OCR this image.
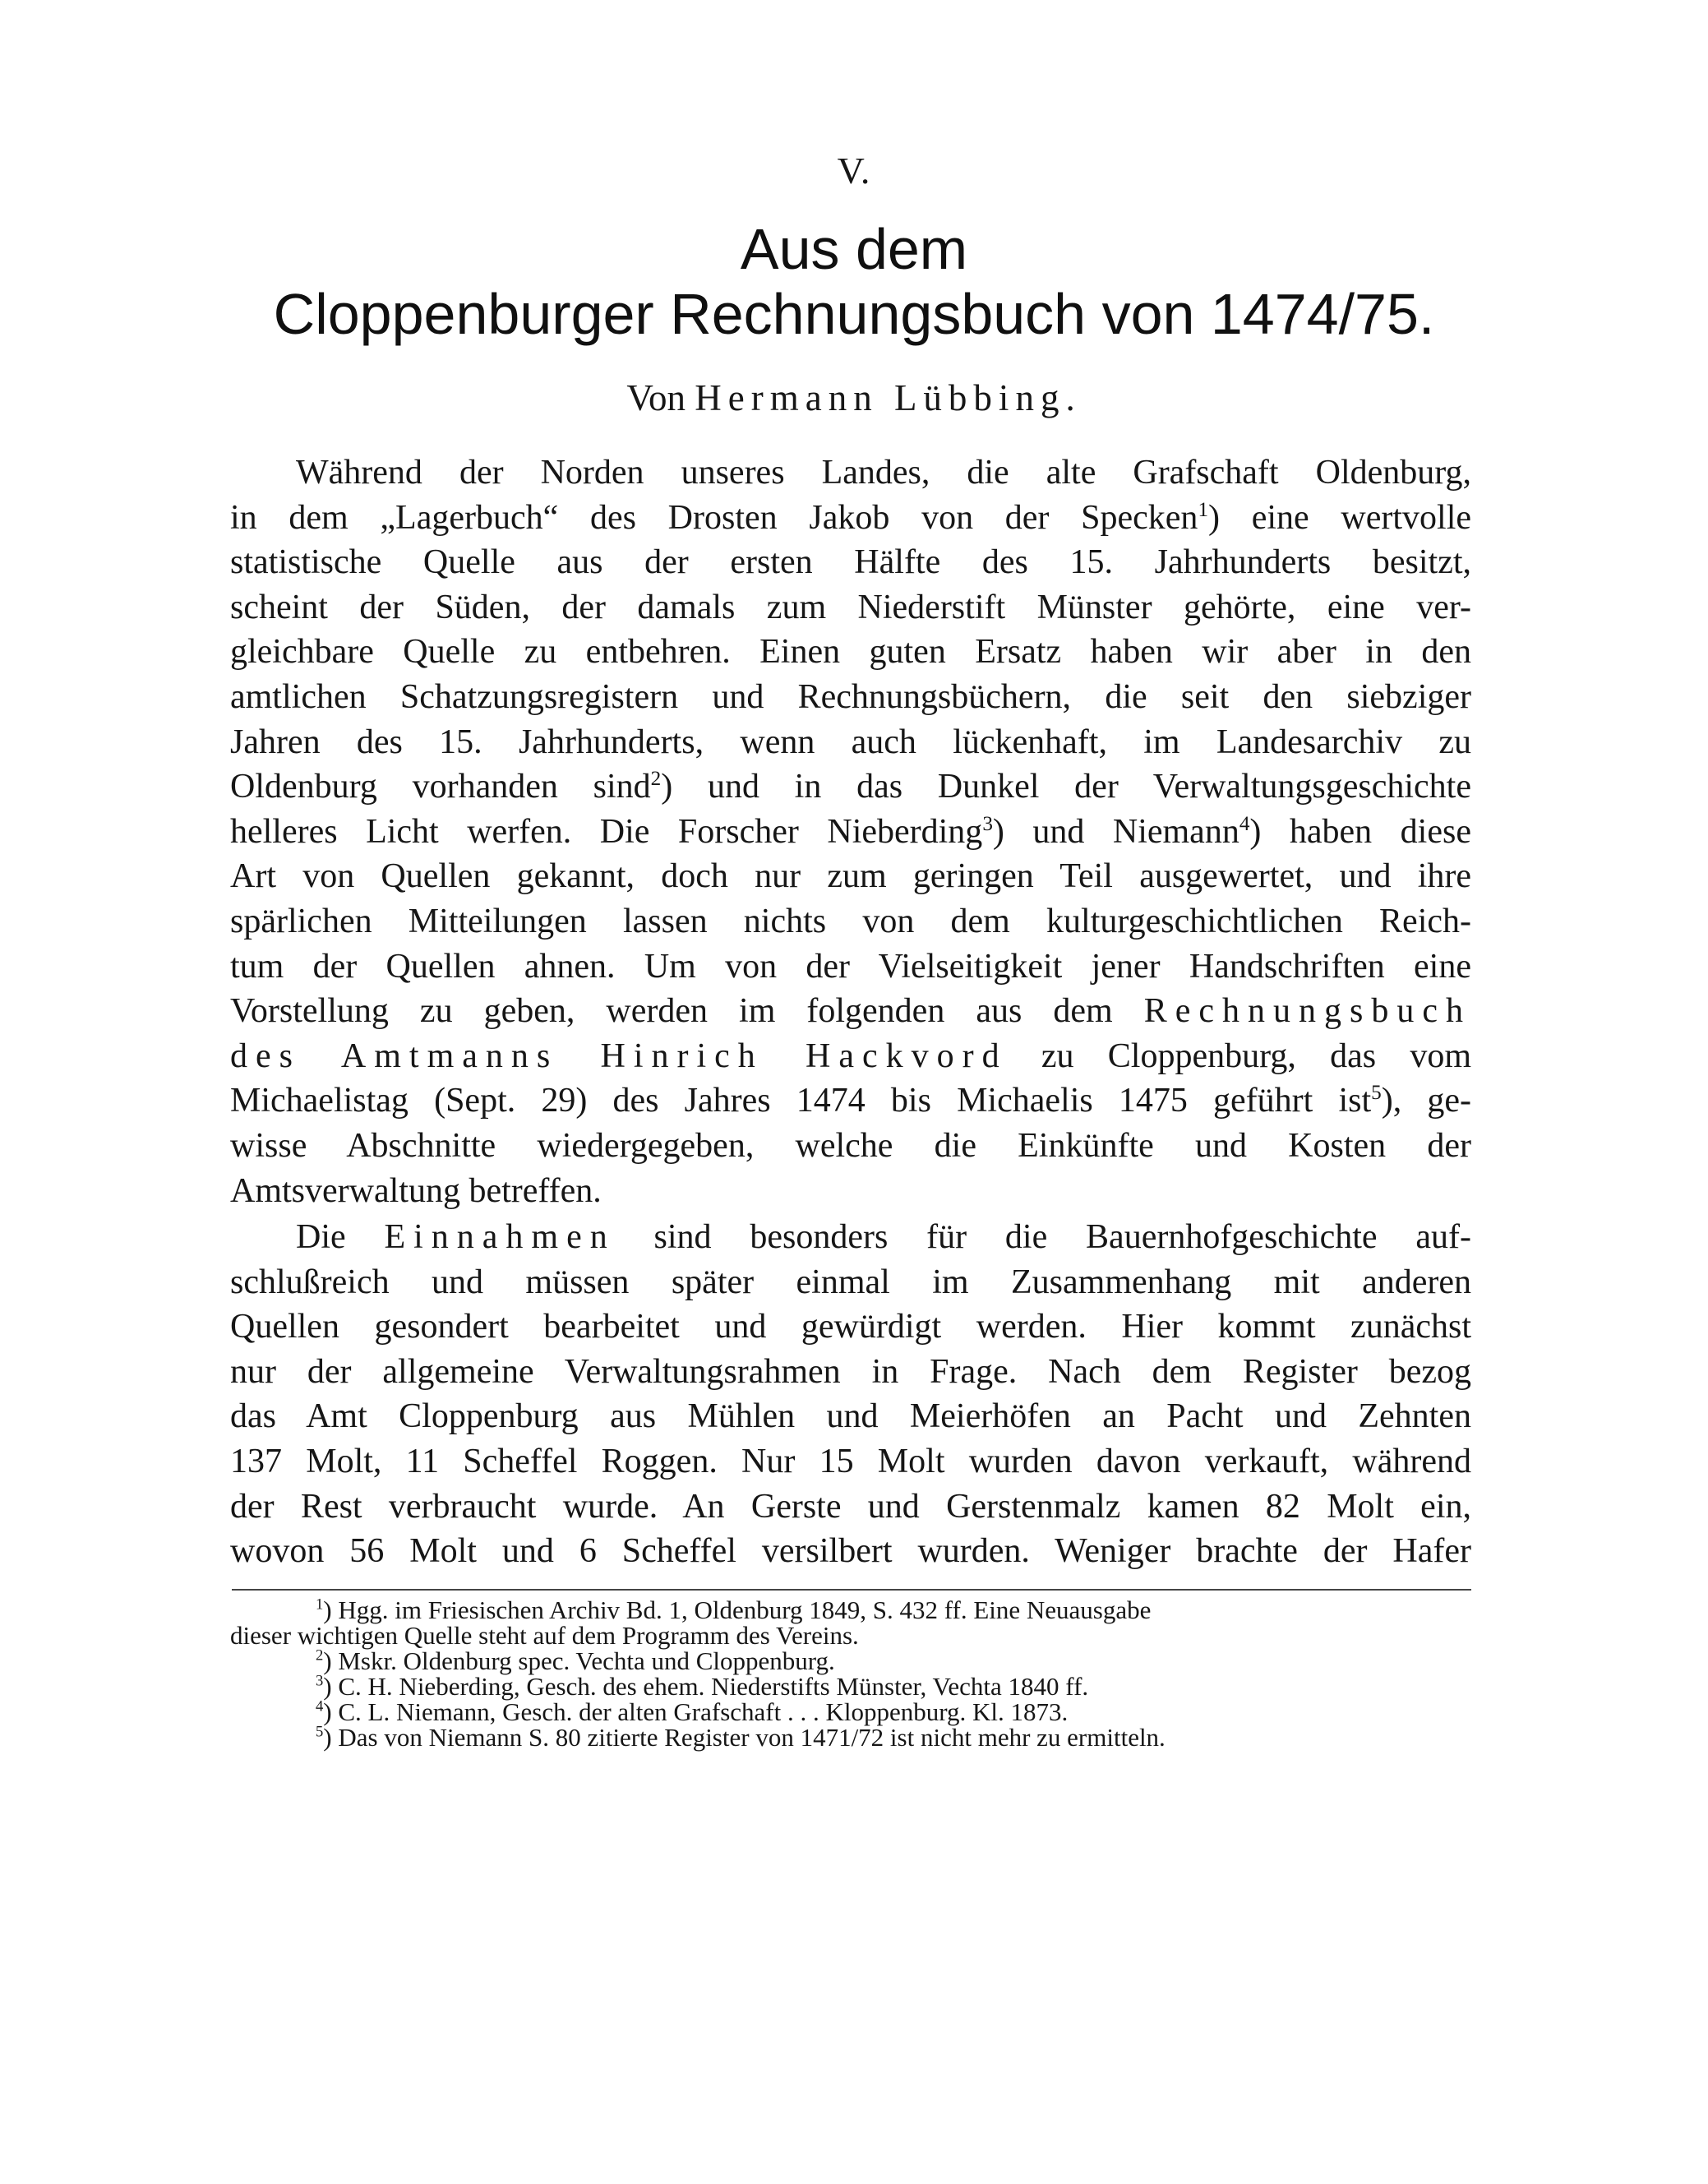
V.
Aus dem
Cloppenburger Rechnungsbuch von 1474/75.
Von Hermann Lübbing.
Während der Norden unseres Landes, die alte Grafschaft Oldenburg,
in dem „Lagerbuch“ des Drosten Jakob von der Specken$^1$) eine wertvolle
statistische Quelle aus der ersten Hälfte des 15. Jahrhunderts besitzt,
scheint der Süden, der damals zum Niederstift Münster gehörte, eine ver-
gleichbare Quelle zu entbehren. Einen guten Ersatz haben wir aber in den
amtlichen Schatzungsregistern und Rechnungsbüchern, die seit den siebziger
Jahren des 15. Jahrhunderts, wenn auch lückenhaft, im Landesarchiv zu
Oldenburg vorhanden sind$^2$) und in das Dunkel der Verwaltungsgeschichte
helleres Licht werfen. Die Forscher Nieberding$^3$) und Niemann$^4$) haben diese
Art von Quellen gekannt, doch nur zum geringen Teil ausgewertet, und ihre
spärlichen Mitteilungen lassen nichts von dem kulturgeschichtlichen Reich-
tum der Quellen ahnen. Um von der Vielseitigkeit jener Handschriften eine
Vorstellung zu geben, werden im folgenden aus dem Rechnungsbuch
des Amtmanns Hinrich Hackvord zu Cloppenburg, das vom
Michaelistag (Sept. 29) des Jahres 1474 bis Michaelis 1475 geführt ist$^5$), ge-
wisse Abschnitte wiedergegeben, welche die Einkünfte und Kosten der
Amtsverwaltung betreffen.
Die Einnahmen sind besonders für die Bauernhofgeschichte auf-
schlußreich und müssen später einmal im Zusammenhang mit anderen
Quellen gesondert bearbeitet und gewürdigt werden. Hier kommt zunächst
nur der allgemeine Verwaltungsrahmen in Frage. Nach dem Register bezog
das Amt Cloppenburg aus Mühlen und Meierhöfen an Pacht und Zehnten
137 Molt, 11 Scheffel Roggen. Nur 15 Molt wurden davon verkauft, während
der Rest verbraucht wurde. An Gerste und Gerstenmalz kamen 82 Molt ein,
wovon 56 Molt und 6 Scheffel versilbert wurden. Weniger brachte der Hafer
$^1$) Hgg. im Friesischen Archiv Bd. 1, Oldenburg 1849, S. 432 ff. Eine Neuausgabe
dieser wichtigen Quelle steht auf dem Programm des Vereins.
$^2$) Mskr. Oldenburg spec. Vechta und Cloppenburg.
$^3$) C. H. Nieberding, Gesch. des ehem. Niederstifts Münster, Vechta 1840 ff.
$^4$) C. L. Niemann, Gesch. der alten Grafschaft . . . Kloppenburg. Kl. 1873.
$^5$) Das von Niemann S. 80 zitierte Register von 1471/72 ist nicht mehr zu ermitteln.
